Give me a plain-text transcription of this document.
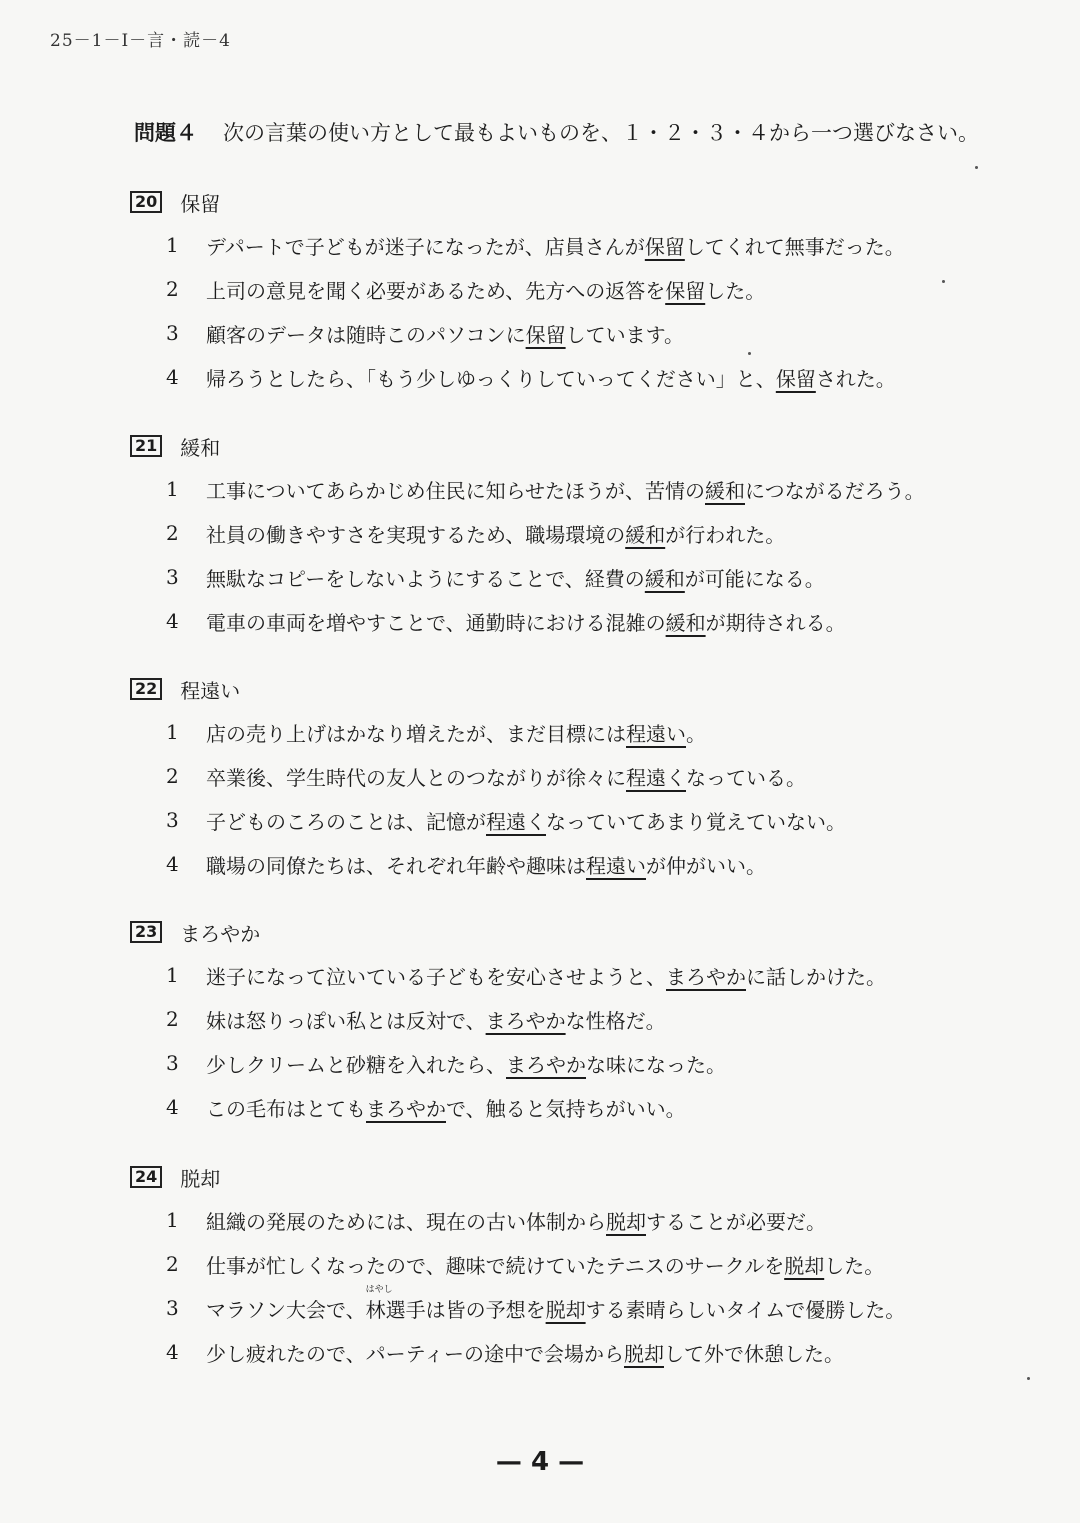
25－1－Ⅰ－言・読－4
問題４ 次の言葉の使い方として最もよいものを、１・２・３・４から一つ選びなさい。
20 保留
1	デパートで子どもが迷子になったが、店員さんが 保留 してくれて無事だった。
2	上司の意見を聞く必要があるため、先方への返答を 保留 した。
3	顧客のデータは随時このパソコンに 保留 しています。
4	帰ろうとしたら、「もう少しゆっくりしていってください」と、 保留 された。
21 緩和
1	工事についてあらかじめ住民に知らせたほうが、苦情の 緩和 につながるだろう。
2	社員の働きやすさを実現するため、職場環境の 緩和 が行われた。
3	無駄なコピーをしないようにすることで、経費の 緩和 が可能になる。
4	電車の車両を増やすことで、通勤時における混雑の 緩和 が期待される。
22 程遠い
1	店の売り上げはかなり増えたが、まだ目標には 程遠い 。
2	卒業後、学生時代の友人とのつながりが徐々に 程遠く なっている。
3	子どものころのことは、記憶が 程遠く なっていてあまり覚えていない。
4	職場の同僚たちは、それぞれ年齢や趣味は 程遠い が仲がいい。
23 まろやか
1	迷子になって泣いている子どもを安心させようと、 まろやか に話しかけた。
2	妹は怒りっぽい私とは反対で、 まろやか な性格だ。
3	少しクリームと砂糖を入れたら、 まろやか な味になった。
4	この毛布はとても まろやか で、触ると気持ちがいい。
24 脱却
1	組織の発展のためには、現在の古い体制から 脱却 することが必要だ。
2	仕事が忙しくなったので、趣味で続けていたテニスのサークルを 脱却 した。
3	マラソン大会で、
はやし
林 選手は皆の予想を 脱却 する素晴らしいタイムで優勝した。
4	少し疲れたので、パーティーの途中で会場から 脱却 して外で休憩した。
— 4 —
